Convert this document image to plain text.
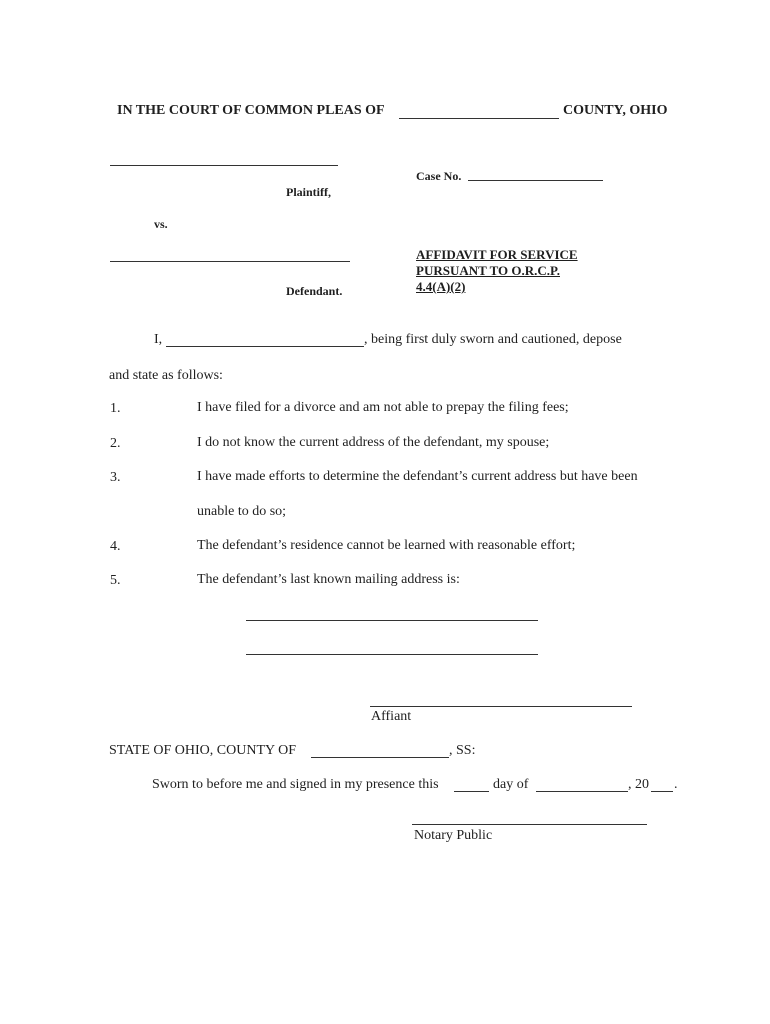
IN THE COURT OF COMMON PLEAS OF	COUNTY, OHIO
Plaintiff,
Case No.
vs.
Defendant.
AFFIDAVIT FOR SERVICE
PURSUANT TO O.R.C.P.
4.4(A)(2)
I,	, being first duly sworn and cautioned, depose
and state as follows:
1.	I have filed for a divorce and am not able to prepay the filing fees;
2.	I do not know the current address of the defendant, my spouse;
3.	I have made efforts to determine the defendant’s current address but have been
unable to do so;
4.	The defendant’s residence cannot be learned with reasonable effort;
5.	The defendant’s last known mailing address is:
Affiant
STATE OF OHIO, COUNTY OF	, SS:
Sworn to before me and signed in my presence this	day of	, 20 .
Notary Public
